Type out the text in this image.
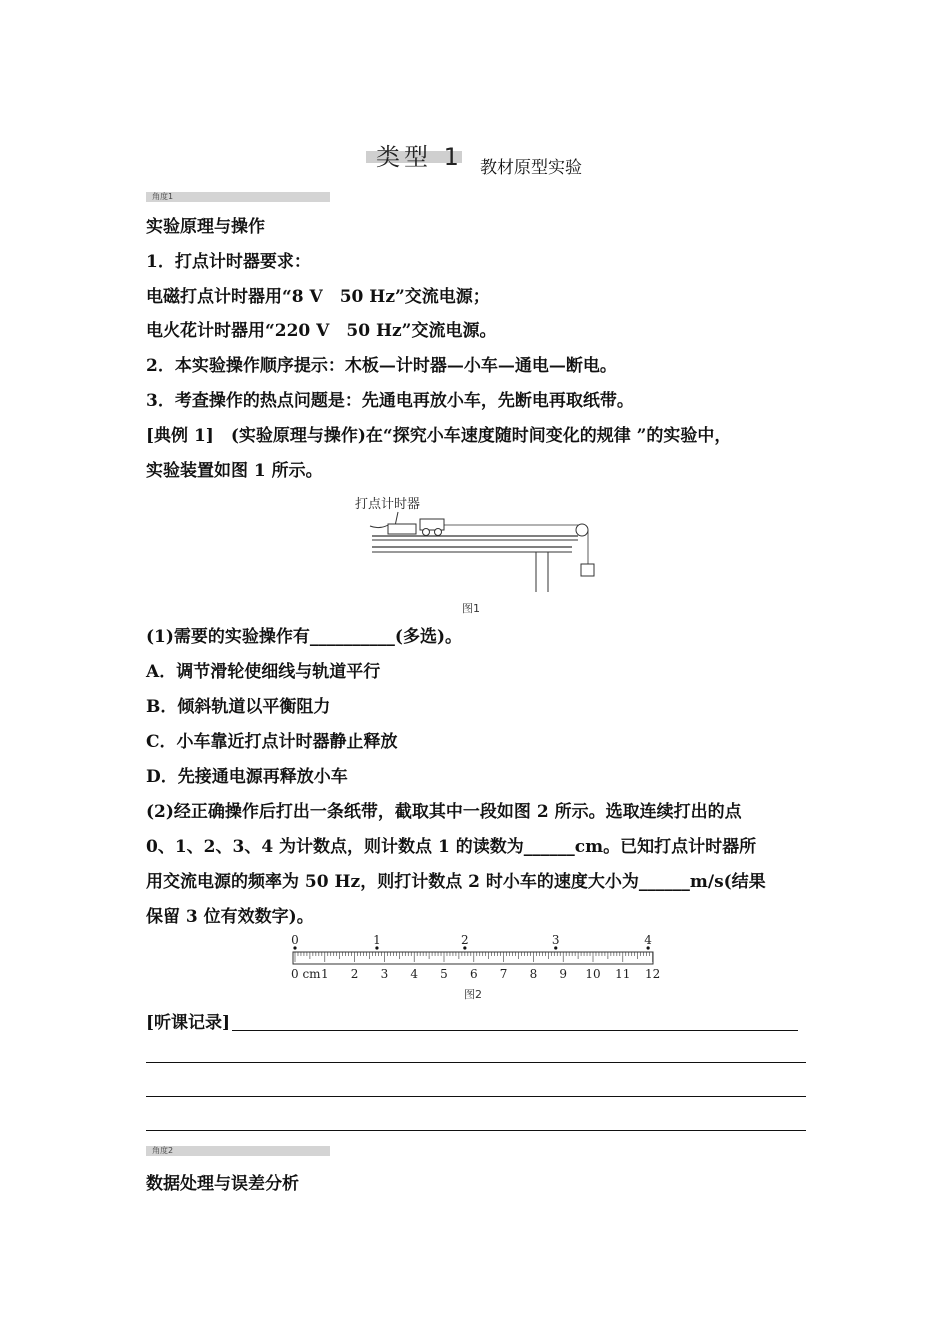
类型 1 教材原型实验
角度1
实验原理与操作
1．打点计时器要求：
电磁打点计时器用“8 V　50 Hz”交流电源；
电火花计时器用“220 V　50 Hz”交流电源。
2．本实验操作顺序提示：木板—计时器—小车—通电—断电。
3．考查操作的热点问题是：先通电再放小车，先断电再取纸带。
[典例 1]　(实验原理与操作)在“探究小车速度随时间变化的规律 ”的实验中，
实验装置如图 1 所示。
打点计时器
图1
(1)需要的实验操作有__________(多选)。
A．调节滑轮使细线与轨道平行
B．倾斜轨道以平衡阻力
C．小车靠近打点计时器静止释放
D．先接通电源再释放小车
(2)经正确操作后打出一条纸带，截取其中一段如图 2 所示。选取连续打出的点
0、1、2、3、4 为计数点，则计数点 1 的读数为______cm。已知打点计时器所
用交流电源的频率为 50 Hz，则打计数点 2 时小车的速度大小为______m/s(结果
保留 3 位有效数字)。
0	1	2	3	4
1 2 3 4 5 6 7 8 9 10 11 12
0 cm
图2
[听课记录]
角度2
数据处理与误差分析
